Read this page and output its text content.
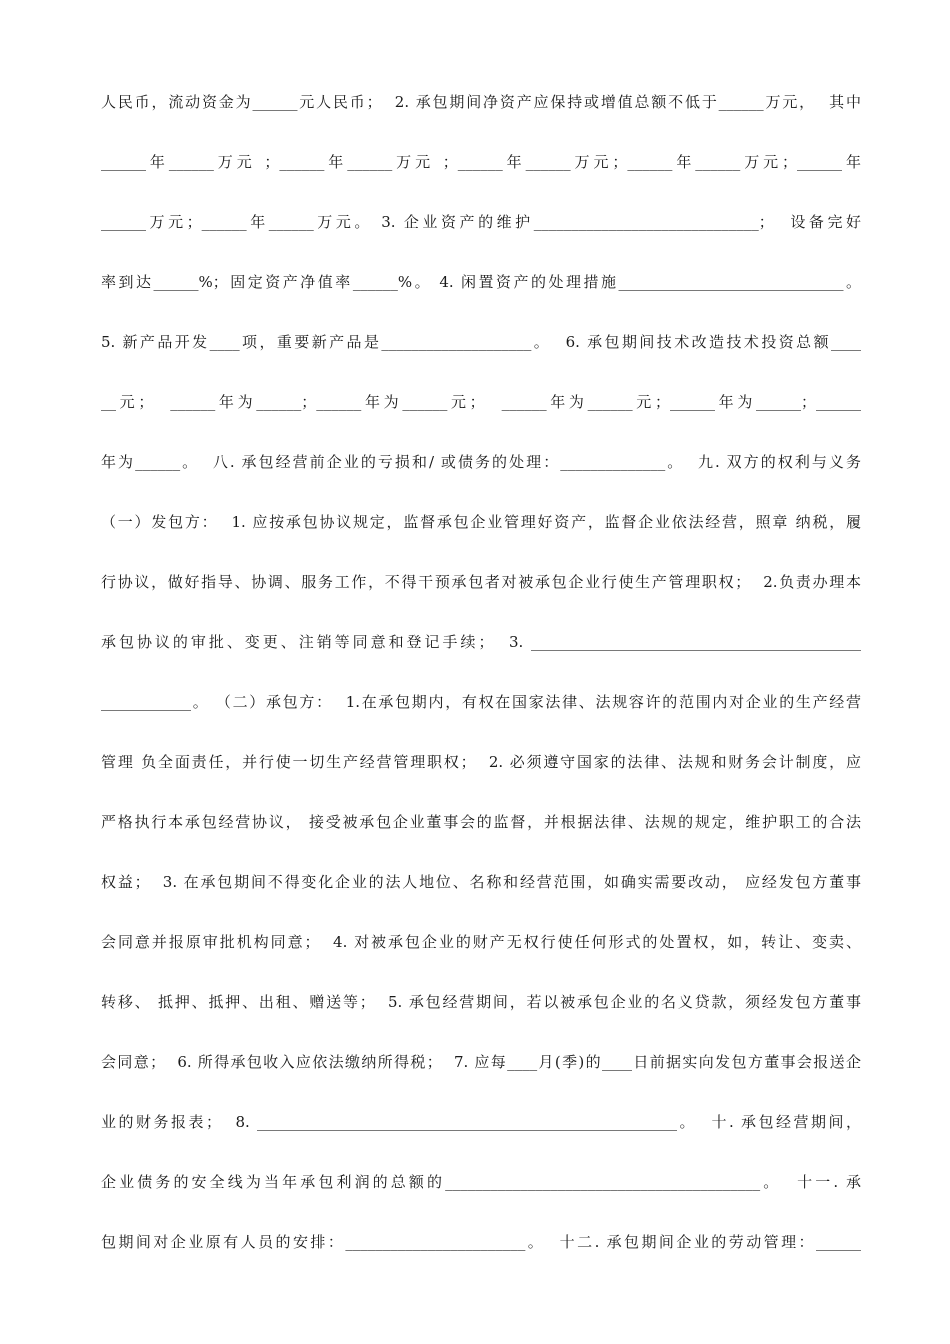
人民币，流动资金为______元人民币；  2. 承包期间净资产应保持或增值总额不低于______万元，  其中
______年______万元 ；______年______万元 ；______年______万元；______年______万元；______年
______万元；______年______万元。 3. 企业资产的维护______________________________；  设备完好
率到达______%；固定资产净值率______%。 4. 闲置资产的处理措施______________________________。
5. 新产品开发____项，重要新产品是____________________。  6. 承包期间技术改造技术投资总额____
__元；  ______年为______；______年为______元；  ______年为______元；______年为______；______
年为______。  八. 承包经营前企业的亏损和/ 或债务的处理：______________。  九. 双方的权利与义务
（一）发包方：  1. 应按承包协议规定，监督承包企业管理好资产，监督企业依法经营，照章 纳税，履
行协议，做好指导、协调、服务工作，不得干预承包者对被承包企业行使生产管理职权；  2.负责办理本
承包协议的审批、变更、注销等同意和登记手续；  3. ____________________________________________
____________。 （二）承包方：  1.在承包期内，有权在国家法律、法规容许的范围内对企业的生产经营
管理 负全面责任，并行使一切生产经营管理职权；  2. 必须遵守国家的法律、法规和财务会计制度，应
严格执行本承包经营协议， 接受被承包企业董事会的监督，并根据法律、法规的规定，维护职工的合法
权益；  3. 在承包期间不得变化企业的法人地位、名称和经营范围，如确实需要改动， 应经发包方董事
会同意并报原审批机构同意；  4. 对被承包企业的财产无权行使任何形式的处置权，如，转让、变卖、
转移、 抵押、抵押、出租、赠送等；  5. 承包经营期间，若以被承包企业的名义贷款，须经发包方董事
会同意；  6. 所得承包收入应依法缴纳所得税；  7. 应每____月(季)的____日前据实向发包方董事会报送企
业的财务报表；  8. ________________________________________________________。  十. 承包经营期间，
企业债务的安全线为当年承包利润的总额的__________________________________________。  十一. 承
包期间对企业原有人员的安排：________________________。  十二. 承包期间企业的劳动管理：______
